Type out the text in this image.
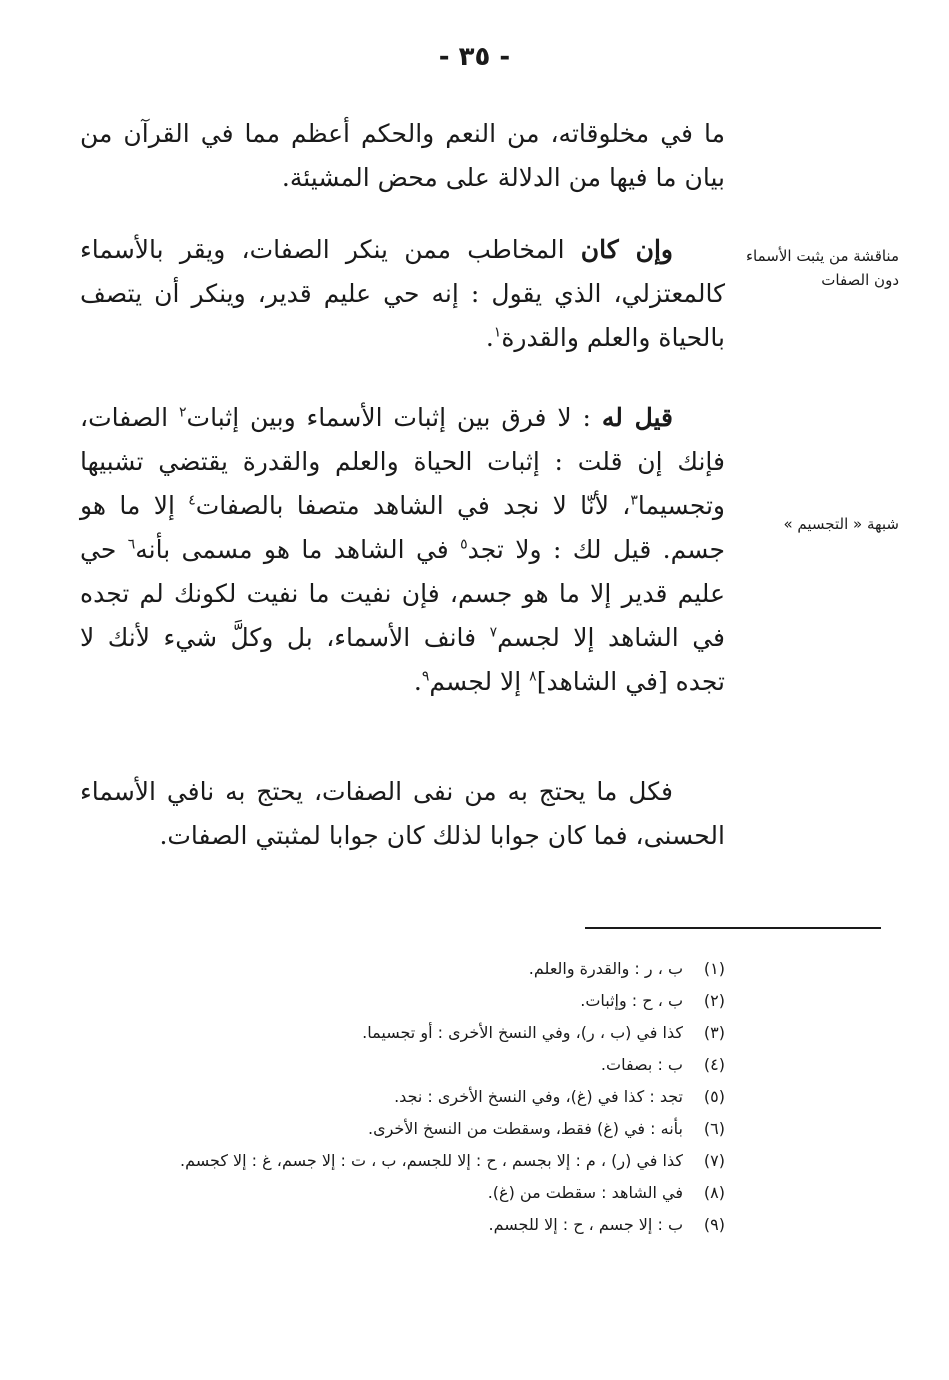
- ٣٥ -

ما في مخلوقاته، من النعم والحكم أعظم مما في القرآن من بيان ما فيها من الدلالة على محض المشيئة.

وإن كان المخاطب ممن ينكر الصفات، ويقر بالأسماء كالمعتزلي، الذي يقول : إنه حي عليم قدير، وينكر أن يتصف بالحياة والعلم والقدرة$^١$.

قيل له : لا فرق بين إثبات الأسماء وبين إثبات$^٢$ الصفات، فإنك إن قلت : إثبات الحياة والعلم والقدرة يقتضي تشبيها وتجسيما$^٣$، لأنّا لا نجد في الشاهد متصفا بالصفات$^٤$ إلا ما هو جسم. قيل لك : ولا تجد$^٥$ في الشاهد ما هو مسمى بأنه$^٦$ حي عليم قدير إلا ما هو جسم، فإن نفيت ما نفيت لكونك لم تجده في الشاهد إلا لجسم$^٧$ فانف الأسماء، بل وكلَّ شيء لأنك لا تجده [في الشاهد]$^٨$ إلا لجسم$^٩$.

فكل ما يحتج به من نفى الصفات، يحتج به نافي الأسماء الحسنى، فما كان جوابا لذلك كان جوابا لمثبتي الصفات.

مناقشة من يثبت الأسماء دون الصفات
شبهة « التجسيم »
(١)
ب ، ر : والقدرة والعلم.
(٢)
ب ، ح : وإثبات.
(٣)
كذا في (ب ، ر)، وفي النسخ الأخرى : أو تجسيما.
(٤)
ب : بصفات.
(٥)
تجد : كذا في (غ)، وفي النسخ الأخرى : نجد.
(٦)
بأنه : في (غ) فقط، وسقطت من النسخ الأخرى.
(٧)
كذا في (ر) ، م : إلا بجسم ، ح : إلا للجسم، ب ، ت : إلا جسم، غ : إلا كجسم.
(٨)
في الشاهد : سقطت من (غ).
(٩)
ب : إلا جسم ، ح : إلا للجسم.
